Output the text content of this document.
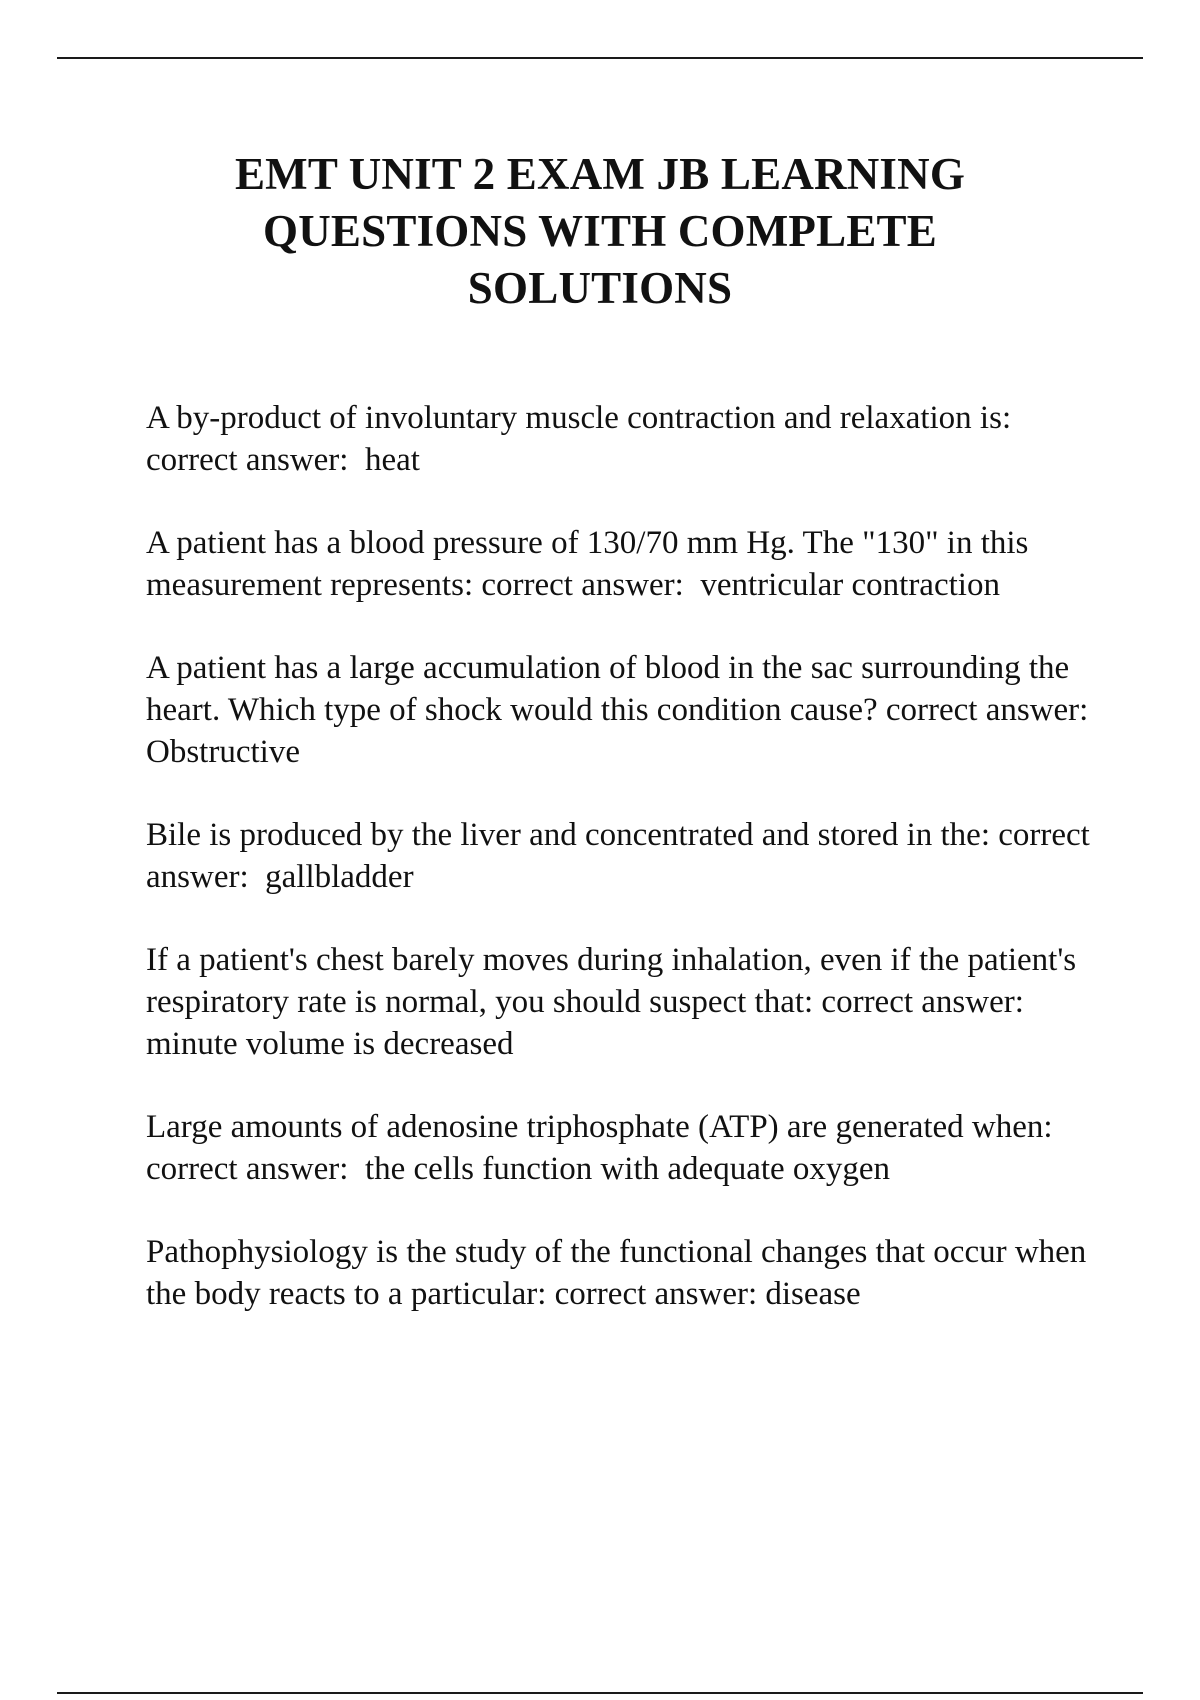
EMT UNIT 2 EXAM JB LEARNING QUESTIONS WITH COMPLETE SOLUTIONS
A by-product of involuntary muscle contraction and relaxation is: correct answer:  heat
A patient has a blood pressure of 130/70 mm Hg. The "130" in this measurement represents: correct answer:  ventricular contraction
A patient has a large accumulation of blood in the sac surrounding the heart. Which type of shock would this condition cause? correct answer:  Obstructive
Bile is produced by the liver and concentrated and stored in the: correct answer:  gallbladder
If a patient's chest barely moves during inhalation, even if the patient's respiratory rate is normal, you should suspect that: correct answer:  minute volume is decreased
Large amounts of adenosine triphosphate (ATP) are generated when: correct answer:  the cells function with adequate oxygen
Pathophysiology is the study of the functional changes that occur when the body reacts to a particular: correct answer: disease
